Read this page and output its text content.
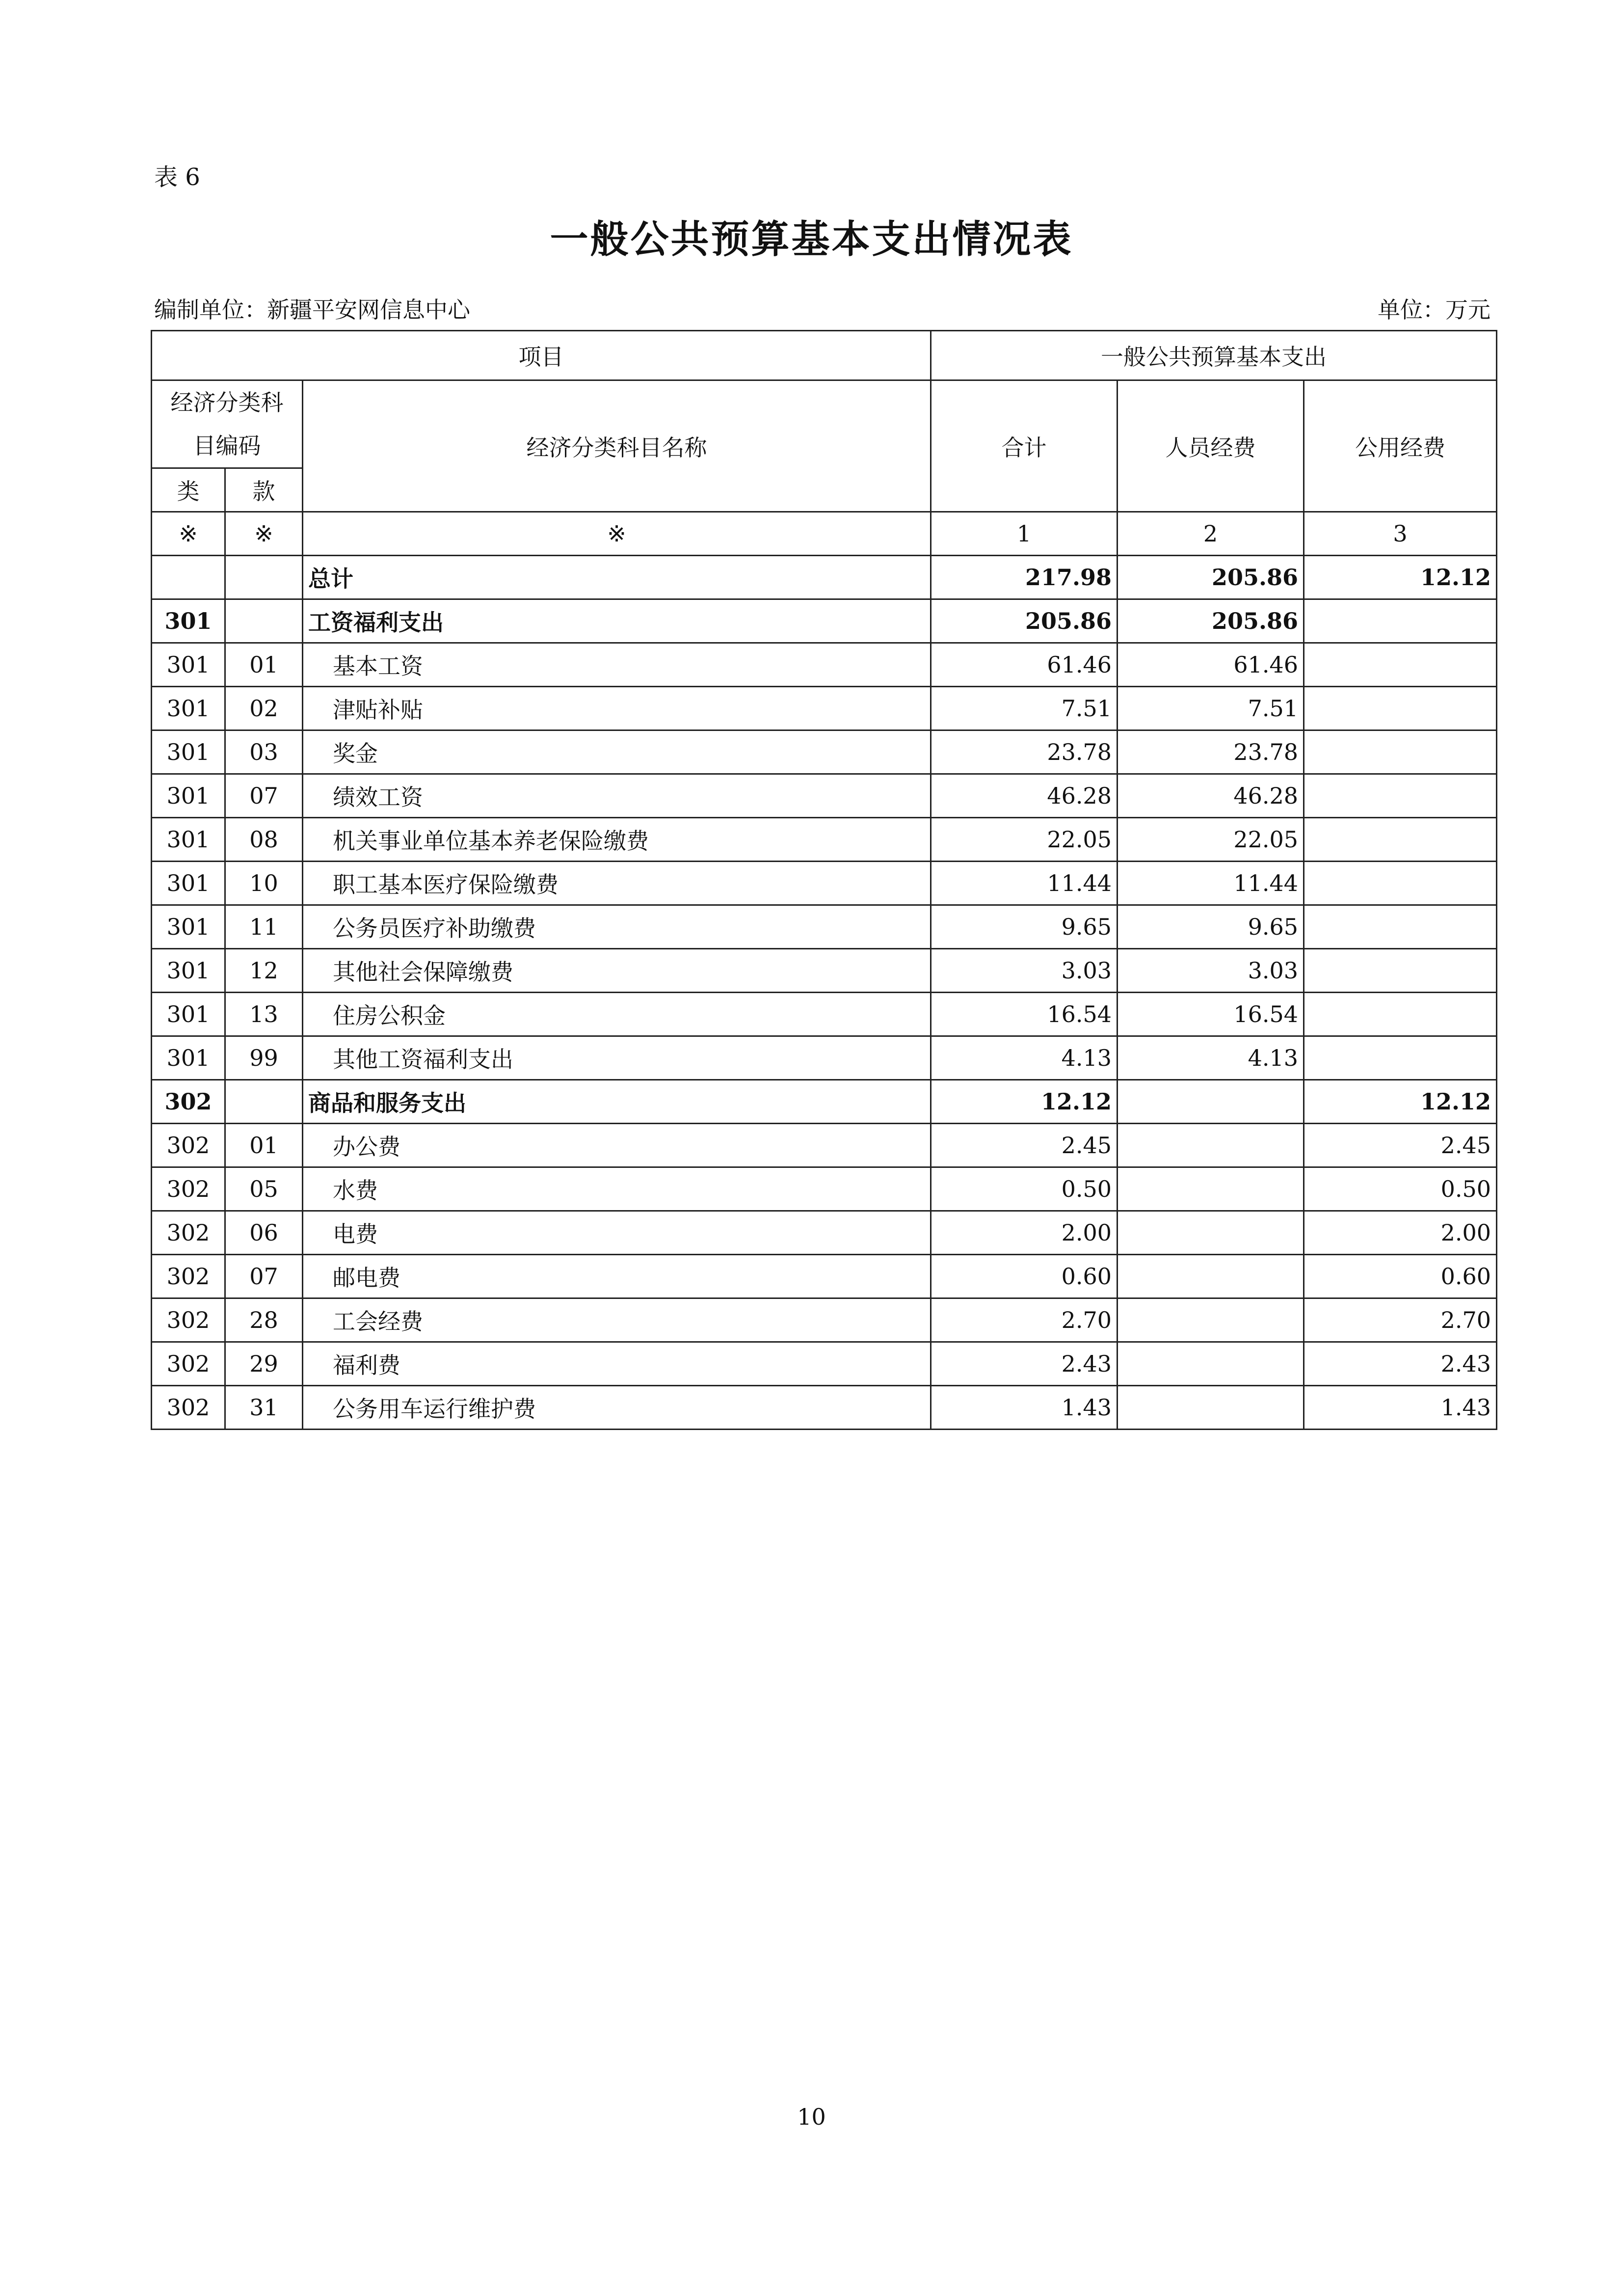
表 6
一般公共预算基本支出情况表
编制单位：新疆平安网信息中心	单位：万元
项目			一般公共预算基本支出		

经济分类科
目编码		经济分类科目名称	合计	人员经费	公用经费
类	款				
※	※	※	1	2	3
		总计	217.98	205.86	12.12
301		工资福利支出	205.86	205.86	
301	01	基本工资	61.46	61.46	
301	02	津贴补贴	7.51	7.51	
301	03	奖金	23.78	23.78	
301	07	绩效工资	46.28	46.28	
301	08	机关事业单位基本养老保险缴费	22.05	22.05	
301	10	职工基本医疗保险缴费	11.44	11.44	
301	11	公务员医疗补助缴费	9.65	9.65	
301	12	其他社会保障缴费	3.03	3.03	
301	13	住房公积金	16.54	16.54	
301	99	其他工资福利支出	4.13	4.13	
302		商品和服务支出	12.12		12.12
302	01	办公费	2.45		2.45
302	05	水费	0.50		0.50
302	06	电费	2.00		2.00
302	07	邮电费	0.60		0.60
302	28	工会经费	2.70		2.70
302	29	福利费	2.43		2.43
302	31	公务用车运行维护费	1.43		1.43
10
